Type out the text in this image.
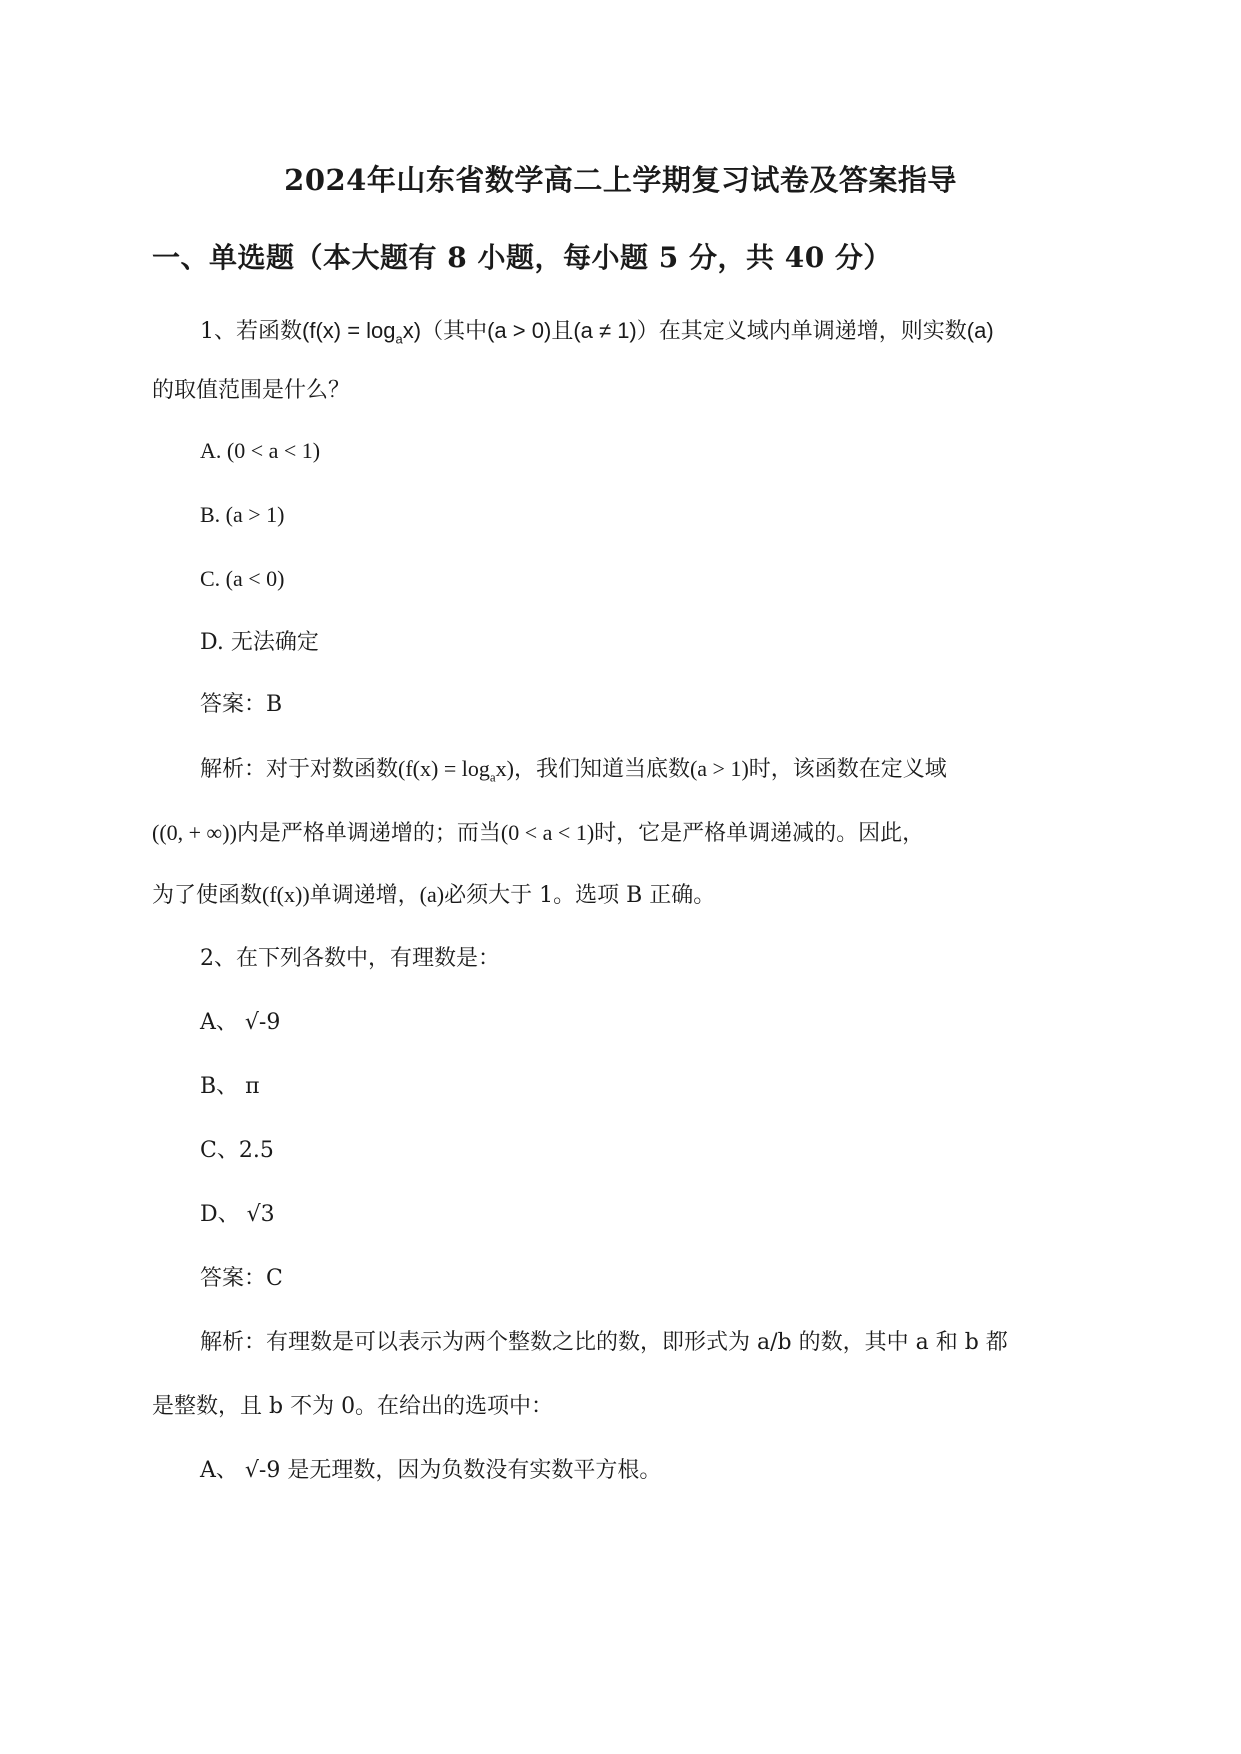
2024年山东省数学高二上学期复习试卷及答案指导
一、单选题（本大题有 8 小题，每小题 5 分，共 40 分）
1、若函数$(f(x) = \log_ax)$（其中(a > 0)且(a ≠ 1)）在其定义域内单调递增，则实数(a)
的取值范围是什么？
A. (0 < a < 1)
B. (a > 1)
C. (a < 0)
D. 无法确定
答案：B
解析：对于对数函数$(f(x) = \log_ax)$，我们知道当底数(a > 1)时，该函数在定义域
((0, + ∞))内是严格单调递增的；而当(0 < a < 1)时，它是严格单调递减的。因此，
为了使函数(f(x))单调递增，(a)必须大于 1。选项 B 正确。
2、在下列各数中，有理数是：
A、 √-9
B、 π
C、2.5
D、 √3
答案：C
解析：有理数是可以表示为两个整数之比的数，即形式为 a/b 的数，其中 a 和 b 都
是整数，且 b 不为 0。在给出的选项中：
A、 √-9 是无理数，因为负数没有实数平方根。
